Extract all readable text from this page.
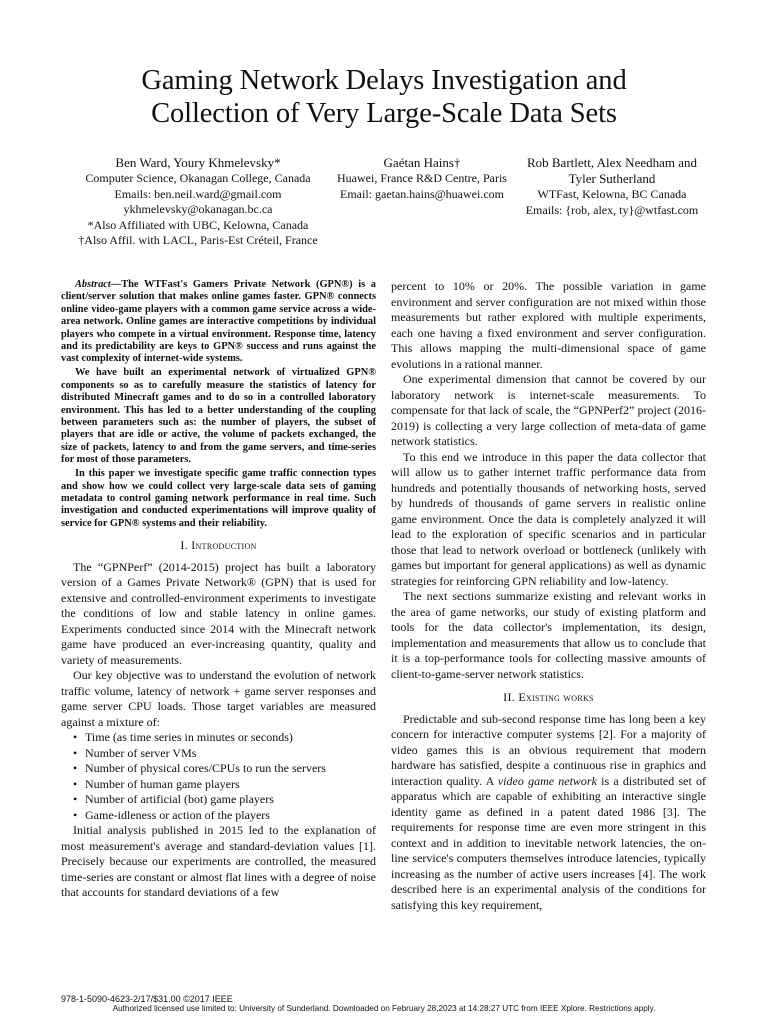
Gaming Network Delays Investigation and
Collection of Very Large-Scale Data Sets
Ben Ward, Youry Khmelevsky*
Computer Science, Okanagan College, Canada
Emails: ben.neil.ward@gmail.com
ykhmelevsky@okanagan.bc.ca
*Also Affiliated with UBC, Kelowna, Canada
†Also Affil. with LACL, Paris-Est Créteil, France
Gaétan Hains†
Huawei, France R&D Centre, Paris
Email: gaetan.hains@huawei.com
Rob Bartlett, Alex Needham and
Tyler Sutherland
WTFast, Kelowna, BC Canada
Emails: {rob, alex, ty}@wtfast.com

Abstract—The WTFast's Gamers Private Network (GPN®) is a client/server solution that makes online games faster. GPN® connects online video-game players with a common game service across a wide-area network. Online games are interactive competitions by individual players who compete in a virtual environment. Response time, latency and its predictability are keys to GPN® success and runs against the vast complexity of internet-wide systems.

We have built an experimental network of virtualized GPN® components so as to carefully measure the statistics of latency for distributed Minecraft games and to do so in a controlled laboratory environment. This has led to a better understanding of the coupling between parameters such as: the number of players, the subset of players that are idle or active, the volume of packets exchanged, the size of packets, latency to and from the game servers, and time-series for most of those parameters.

In this paper we investigate specific game traffic connection types and show how we could collect very large-scale data sets of gaming metadata to control gaming network performance in real time. Such investigation and conducted experimentations will improve quality of service for GPN® systems and their reliability.

I. Introduction

The “GPNPerf” (2014-2015) project has built a laboratory version of a Games Private Network® (GPN) that is used for extensive and controlled-environment experiments to investigate the conditions of low and stable latency in online games. Experiments conducted since 2014 with the Minecraft network game have produced an ever-increasing quantity, quality and variety of measurements.

Our key objective was to understand the evolution of network traffic volume, latency of network + game server responses and game server CPU loads. Those target variables are measured against a mixture of:

• Time (as time series in minutes or seconds)
• Number of server VMs
• Number of physical cores/CPUs to run the servers
• Number of human game players
• Number of artificial (bot) game players
• Game-idleness or action of the players

Initial analysis published in 2015 led to the explanation of most measurement's average and standard-deviation values [1]. Precisely because our experiments are controlled, the measured time-series are constant or almost flat lines with a degree of noise that accounts for standard deviations of a few

percent to 10% or 20%. The possible variation in game environment and server configuration are not mixed within those measurements but rather explored with multiple experiments, each one having a fixed environment and server configuration. This allows mapping the multi-dimensional space of game evolutions in a rational manner.

One experimental dimension that cannot be covered by our laboratory network is internet-scale measurements. To compensate for that lack of scale, the “GPNPerf2” project (2016-2019) is collecting a very large collection of meta-data of game network statistics.

To this end we introduce in this paper the data collector that will allow us to gather internet traffic performance data from hundreds and potentially thousands of networking hosts, served by hundreds of thousands of game servers in realistic online game environment. Once the data is completely analyzed it will lead to the exploration of specific scenarios and in particular those that lead to network overload or bottleneck (unlikely with games but important for general applications) as well as dynamic strategies for reinforcing GPN reliability and low-latency.

The next sections summarize existing and relevant works in the area of game networks, our study of existing platform and tools for the data collector's implementation, its design, implementation and measurements that allow us to conclude that it is a top-performance tools for collecting massive amounts of client-to-game-server network statistics.

II. Existing works

Predictable and sub-second response time has long been a key concern for interactive computer systems [2]. For a majority of video games this is an obvious requirement that modern hardware has satisfied, despite a continuous rise in graphics and interaction quality. A video game network is a distributed set of apparatus which are capable of exhibiting an interactive single identity game as defined in a patent dated 1986 [3]. The requirements for response time are even more stringent in this context and in addition to inevitable network latencies, the on-line service's computers themselves introduce latencies, typically increasing as the number of active users increases [4]. The work described here is an experimental analysis of the conditions for satisfying this key requirement,

978-1-5090-4623-2/17/$31.00 ©2017 IEEE
Authorized licensed use limited to: University of Sunderland. Downloaded on February 28,2023 at 14:28:27 UTC from IEEE Xplore. Restrictions apply.
